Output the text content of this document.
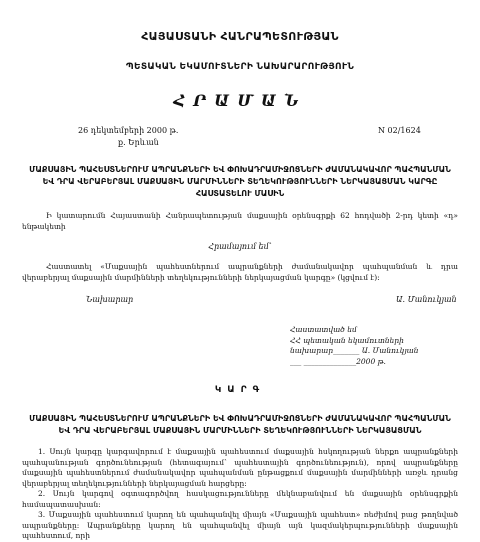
ՀԱՅԱՍՏԱՆԻ ՀԱՆՐԱՊԵՏՈՒԹՅԱՆ
ՊԵՏԱԿԱՆ ԵԿԱՄՈՒՏՆԵՐԻ ՆԱԽԱՐԱՐՈՒԹՅՈՒՆ
ՀՐԱՄԱՆ
26 դեկտեմբերի 2000 թ.
ք. Երևան
N 02/1624
ՄԱՔՍԱՅԻՆ ՊԱՀԵՍՏՆԵՐՈՒՄ ԱՊՐԱՆՔՆԵՐԻ ԵՎ ՓՈԽԱԴՐԱՄԻՋՈՑՆԵՐԻ ԺԱՄԱՆԱԿԱՎՈՐ ՊԱՀՊԱՆՄԱՆ ԵՎ ԴՐԱ ՎԵՐԱԲԵՐՅԱԼ ՄԱՔՍԱՅԻՆ ՄԱՐՄԻՆՆԵՐԻ ՏԵՂԵԿՈՒԹՅՈՒՆՆԵՐԻ ՆԵՐԿԱՅԱՑՄԱՆ ԿԱՐԳԸ ՀԱՍՏԱՏԵԼՈՒ ՄԱՍԻՆ
Ի կատարումն Հայաստանի Հանրապետության մաքսային օրենսգրքի 62 հոդվածի 2-րդ կետի «դ» ենթակետի
Հրամայում եմ՝
Հաստատել «Մաքսային պահեստներում ապրանքների ժամանակավոր պահպանման և դրա վերաբերյալ մաքսային մարմինների տեղեկությունների ներկայացման կարգը» (կցվում է):
Նախարար	Ա. Մանուկյան
Հաստատված եմ
ՀՀ պետական եկամուտների
նախարար_______ Ա. Մանուկյան
___ ______________2000 թ.
ԿԱՐԳ
ՄԱՔՍԱՅԻՆ ՊԱՀԵՍՏՆԵՐՈՒՄ ԱՊՐԱՆՔՆԵՐԻ ԵՎ ՓՈԽԱԴՐԱՄԻՋՈՑՆԵՐԻ ԺԱՄԱՆԱԿԱՎՈՐ ՊԱՀՊԱՆՄԱՆ ԵՎ ԴՐԱ ՎԵՐԱԲԵՐՅԱԼ ՄԱՔՍԱՅԻՆ ՄԱՐՄԻՆՆԵՐԻ ՏԵՂԵԿՈՒԹՅՈՒՆՆԵՐԻ ՆԵՐԿԱՅԱՑՄԱՆ

1. Սույն կարգը կարգավորում է մաքսային պահեստում մաքսային հսկողության ներքո ապրանքների պահպանության գործունեության (հետագայում՝ պահեստային գործունեություն), որով ապրանքները մաքսային պահեստներում ժամանակավոր պահպանման ընթացքում մաքսային մարմինների առջև դրանց վերաբերյալ տեղեկությունների ներկայացման հարցերը:

2. Սույն կարգով օգտագործվող հասկացությունները մեկնաբանվում են մաքսային օրենսգրքին համապատասխան:

3. Մաքսային պահեստում կարող են պահպանվել միայն «Մաքսային պահեստ» ռեժիմով բաց թողնված ապրանքները: Ապրանքները կարող են պահպանվել միայն այն կազմակերպությունների մաքսային պահեստում, որի
